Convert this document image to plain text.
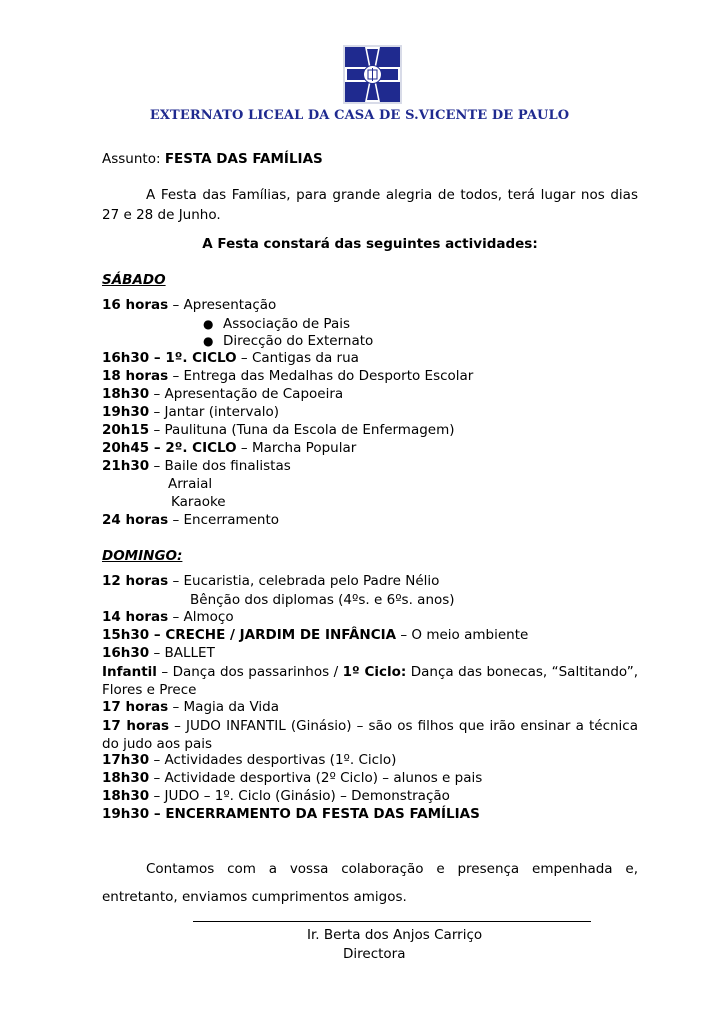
EXTERNATO LICEAL DA CASA DE S.VICENTE DE PAULO
Assunto: FESTA DAS FAMÍLIAS
A Festa das Famílias, para grande alegria de todos, terá lugar nos dias 27 e 28 de Junho.
A Festa constará das seguintes actividades:
SÁBADO
16 horas – Apresentação
● Associação de Pais
● Direcção do Externato
16h30 – 1º. CICLO – Cantigas da rua
18 horas – Entrega das Medalhas do Desporto Escolar
18h30 – Apresentação de Capoeira
19h30 – Jantar (intervalo)
20h15 – Paulituna (Tuna da Escola de Enfermagem)
20h45 – 2º. CICLO – Marcha Popular
21h30 – Baile dos finalistas
Arraial
Karaoke
24 horas – Encerramento
DOMINGO:
12 horas – Eucaristia, celebrada pelo Padre Nélio
Bênção dos diplomas (4ºs. e 6ºs. anos)
14 horas – Almoço
15h30 – CRECHE / JARDIM DE INFÂNCIA – O meio ambiente
16h30 – BALLET
Infantil – Dança dos passarinhos / 1º Ciclo: Dança das bonecas, “Saltitando”, Flores e Prece
17 horas – Magia da Vida
17 horas – JUDO INFANTIL (Ginásio) – são os filhos que irão ensinar a técnica do judo aos pais
17h30 – Actividades desportivas (1º. Ciclo)
18h30 – Actividade desportiva (2º Ciclo) – alunos e pais
18h30 – JUDO – 1º. Ciclo (Ginásio) – Demonstração
19h30 – ENCERRAMENTO DA FESTA DAS FAMÍLIAS
Contamos com a vossa colaboração e presença empenhada e, entretanto, enviamos cumprimentos amigos.
Ir. Berta dos Anjos Carriço
Directora
